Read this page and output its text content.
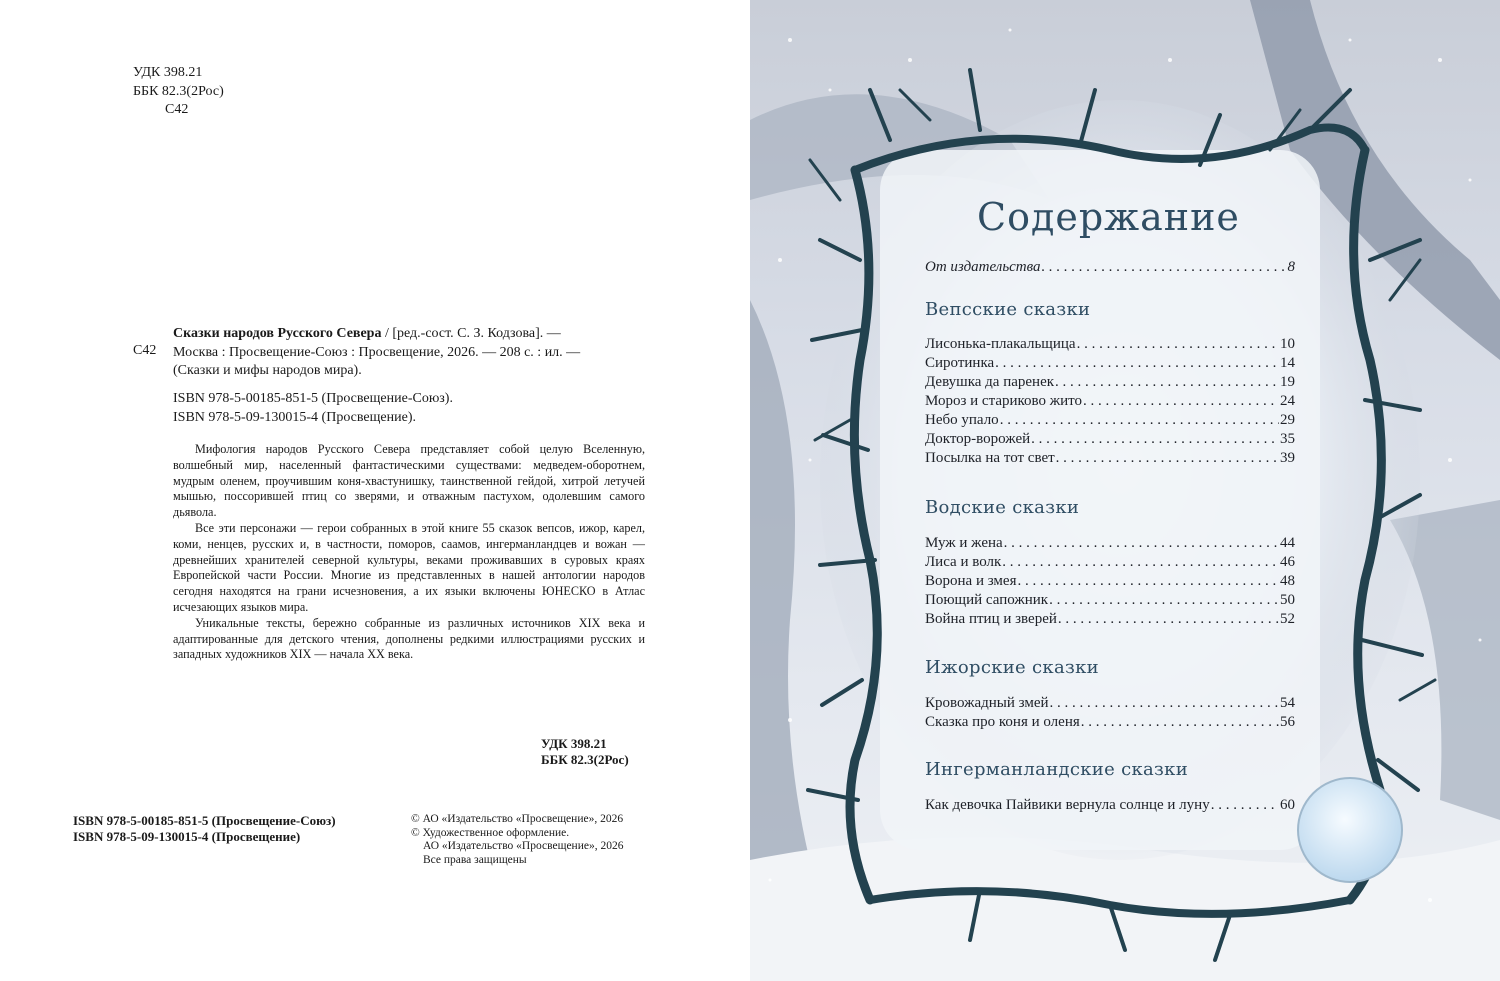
УДК 398.21
ББК 82.3(2Рос)
С42
С42

Сказки народов Русского Севера / [ред.-сост. С. З. Кодзова]. —

Москва : Просвещение-Союз : Просвещение, 2026. — 208 с. : ил. —

(Сказки и мифы народов мира).

ISBN 978-5-00185-851-5 (Просвещение-Союз).
ISBN 978-5-09-130015-4 (Просвещение).

Мифология народов Русского Севера представляет собой целую Вселенную, волшебный мир, населенный фантастическими существами: медведем-оборотнем, мудрым оленем, проучившим коня-хвастунишку, таинственной гейдой, хитрой летучей мышью, поссорившей птиц со зверями, и отважным пастухом, одолевшим самого дьявола.

Все эти персонажи — герои собранных в этой книге 55 сказок вепсов, ижор, карел, коми, ненцев, русских и, в частности, поморов, саамов, ингерманландцев и вожан — древнейших хранителей северной культуры, веками проживавших в суровых краях Европейской части России. Многие из представленных в нашей антологии народов сегодня находятся на грани исчезновения, а их языки включены ЮНЕСКО в Атлас исчезающих языков мира.

Уникальные тексты, бережно собранные из различных источников XIX века и адаптированные для детского чтения, дополнены редкими иллюстрациями русских и западных художников XIX — начала XX века.

УДК 398.21
ББК 82.3(2Рос)
ISBN 978-5-00185-851-5 (Просвещение-Союз)
ISBN 978-5-09-130015-4 (Просвещение)
© АО «Издательство «Просвещение», 2026
© Художественное оформление.
АО «Издательство «Просвещение», 2026
Все права защищены
Содержание
От издательства . . .	8
Вепсские сказки
Лисонька-плакальщица . . .	10
Сиротинка . . .	14
Девушка да паренек . . .	19
Мороз и стариково жито . . .	24
Небо упало . . .	29
Доктор-ворожей . . .	35
Посылка на тот свет . . .	39
Водские сказки
Муж и жена . . .	44
Лиса и волк . . .	46
Ворона и змея . . .	48
Поющий сапожник . . .	50
Война птиц и зверей . . .	52
Ижорские сказки
Кровожадный змей . . .	54
Сказка про коня и оленя . . .	56
Ингерманландские сказки
Как девочка Пайвики вернула солнце и луну . . .	60
